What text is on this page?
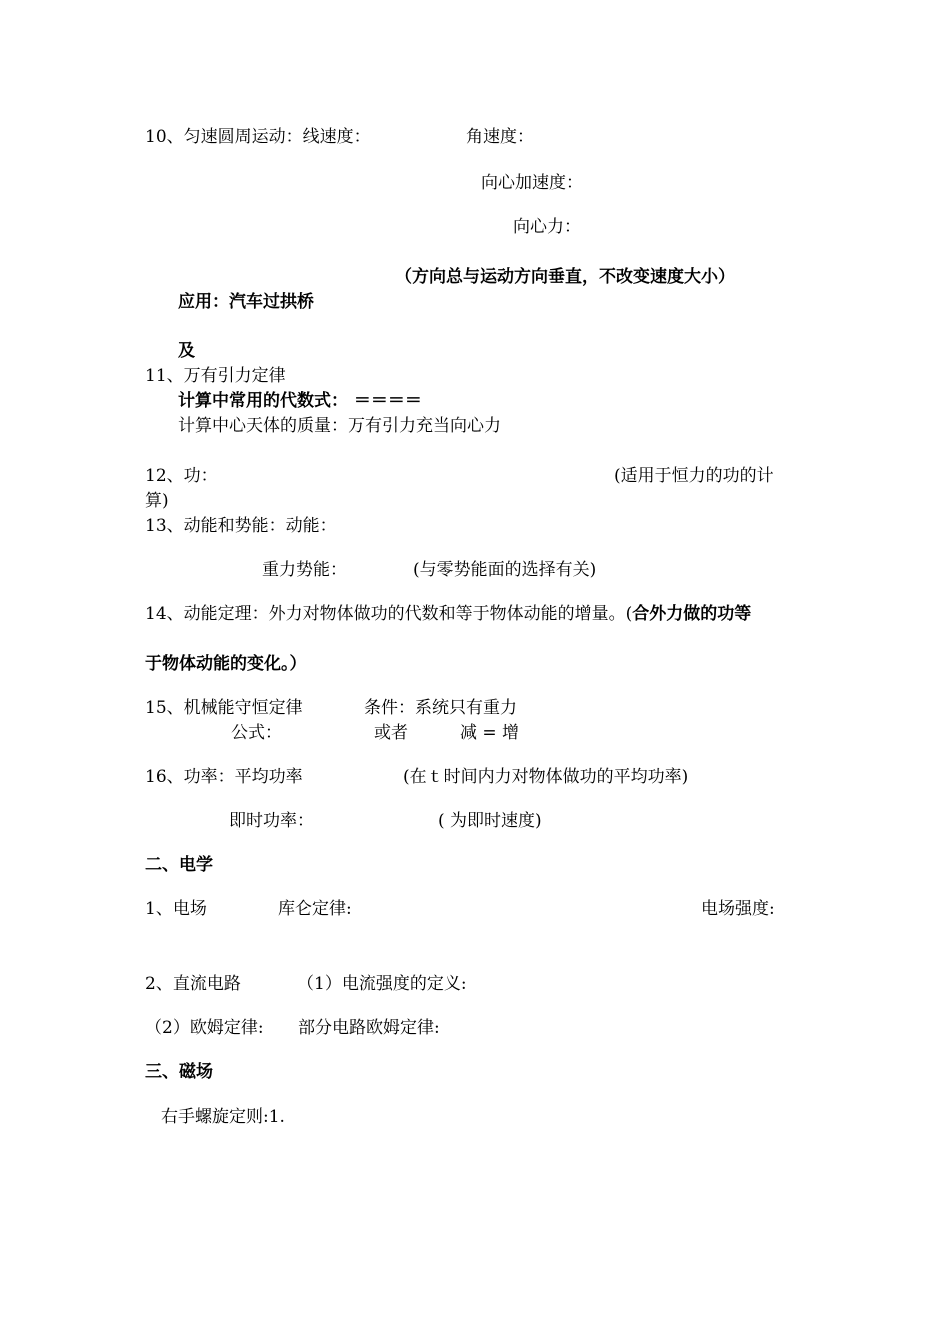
10、匀速圆周运动：线速度：	角速度：
向心加速度：
向心力：
（方向总与运动方向垂直，不改变速度大小）
应用：汽车过拱桥
及
11、万有引力定律
计算中常用的代数式： ＝＝＝＝
计算中心天体的质量：万有引力充当向心力
12、功：	(适用于恒力的功的计
算)
13、动能和势能：动能：
重力势能：	(与零势能面的选择有关)
14、动能定理：外力对物体做功的代数和等于物体动能的增量。(合外力做的功等
于物体动能的变化。）
15、机械能守恒定律	条件：系统只有重力
公式：	或者	减 = 增
16、功率：平均功率	(在ｔ时间内力对物体做功的平均功率)
即时功率：	( 为即时速度)
二、电学
1、电场	库仑定律:	电场强度:
2、直流电路	（1）电流强度的定义:
（2）欧姆定律: 部分电路欧姆定律:
三、磁场
右手螺旋定则:1.
